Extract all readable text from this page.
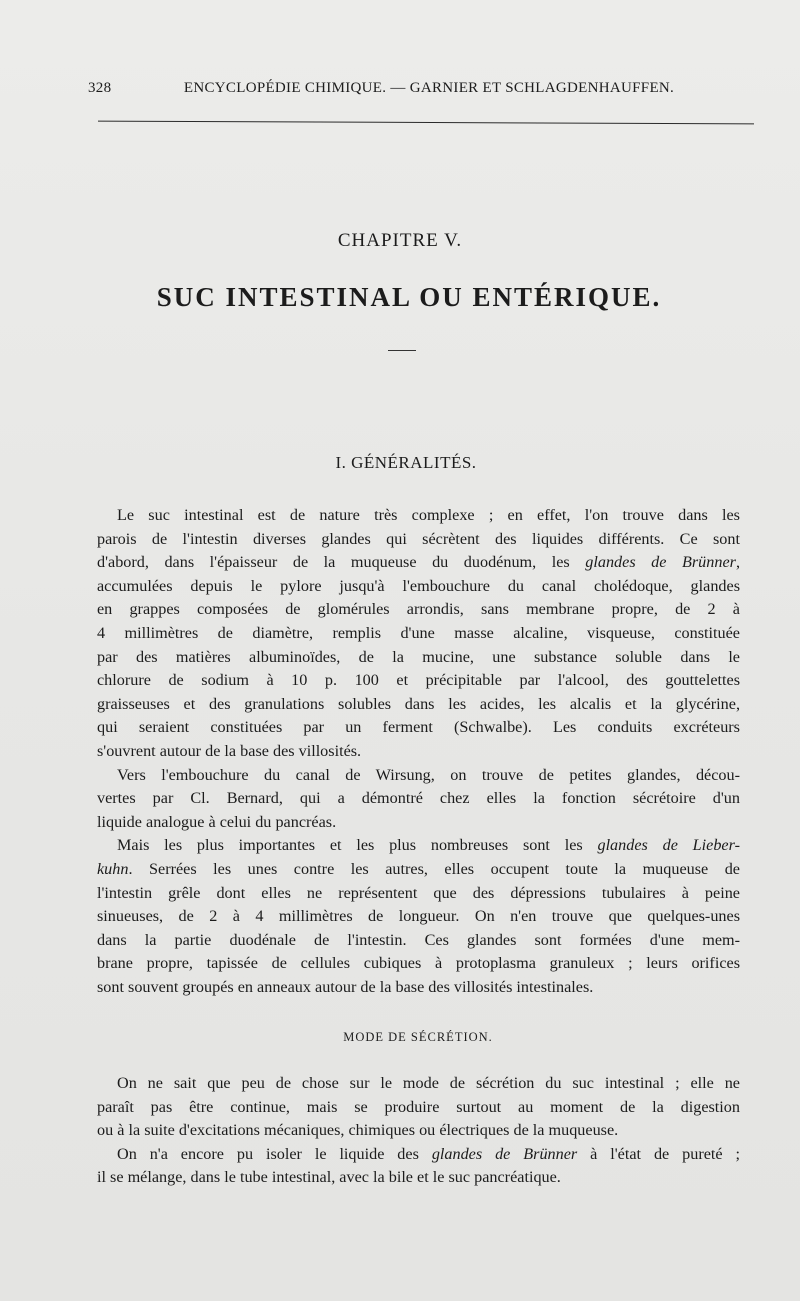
328	ENCYCLOPÉDIE CHIMIQUE. — GARNIER ET SCHLAGDENHAUFFEN.
CHAPITRE V.
SUC INTESTINAL OU ENTÉRIQUE.
I. GÉNÉRALITÉS.
Le suc intestinal est de nature très complexe ; en effet, l'on trouve dans les
parois de l'intestin diverses glandes qui sécrètent des liquides différents. Ce sont
d'abord, dans l'épaisseur de la muqueuse du duodénum, les glandes de Brünner,
accumulées depuis le pylore jusqu'à l'embouchure du canal cholédoque, glandes
en grappes composées de glomérules arrondis, sans membrane propre, de 2 à
4 millimètres de diamètre, remplis d'une masse alcaline, visqueuse, constituée
par des matières albuminoïdes, de la mucine, une substance soluble dans le
chlorure de sodium à 10 p. 100 et précipitable par l'alcool, des gouttelettes
graisseuses et des granulations solubles dans les acides, les alcalis et la glycérine,
qui seraient constituées par un ferment (Schwalbe). Les conduits excréteurs
s'ouvrent autour de la base des villosités.
Vers l'embouchure du canal de Wirsung, on trouve de petites glandes, décou-
vertes par Cl. Bernard, qui a démontré chez elles la fonction sécrétoire d'un
liquide analogue à celui du pancréas.
Mais les plus importantes et les plus nombreuses sont les glandes de Lieber-
kuhn. Serrées les unes contre les autres, elles occupent toute la muqueuse de
l'intestin grêle dont elles ne représentent que des dépressions tubulaires à peine
sinueuses, de 2 à 4 millimètres de longueur. On n'en trouve que quelques-unes
dans la partie duodénale de l'intestin. Ces glandes sont formées d'une mem-
brane propre, tapissée de cellules cubiques à protoplasma granuleux ; leurs orifices
sont souvent groupés en anneaux autour de la base des villosités intestinales.
MODE DE SÉCRÉTION.
On ne sait que peu de chose sur le mode de sécrétion du suc intestinal ; elle ne
paraît pas être continue, mais se produire surtout au moment de la digestion
ou à la suite d'excitations mécaniques, chimiques ou électriques de la muqueuse.
On n'a encore pu isoler le liquide des glandes de Brünner à l'état de pureté ;
il se mélange, dans le tube intestinal, avec la bile et le suc pancréatique.
